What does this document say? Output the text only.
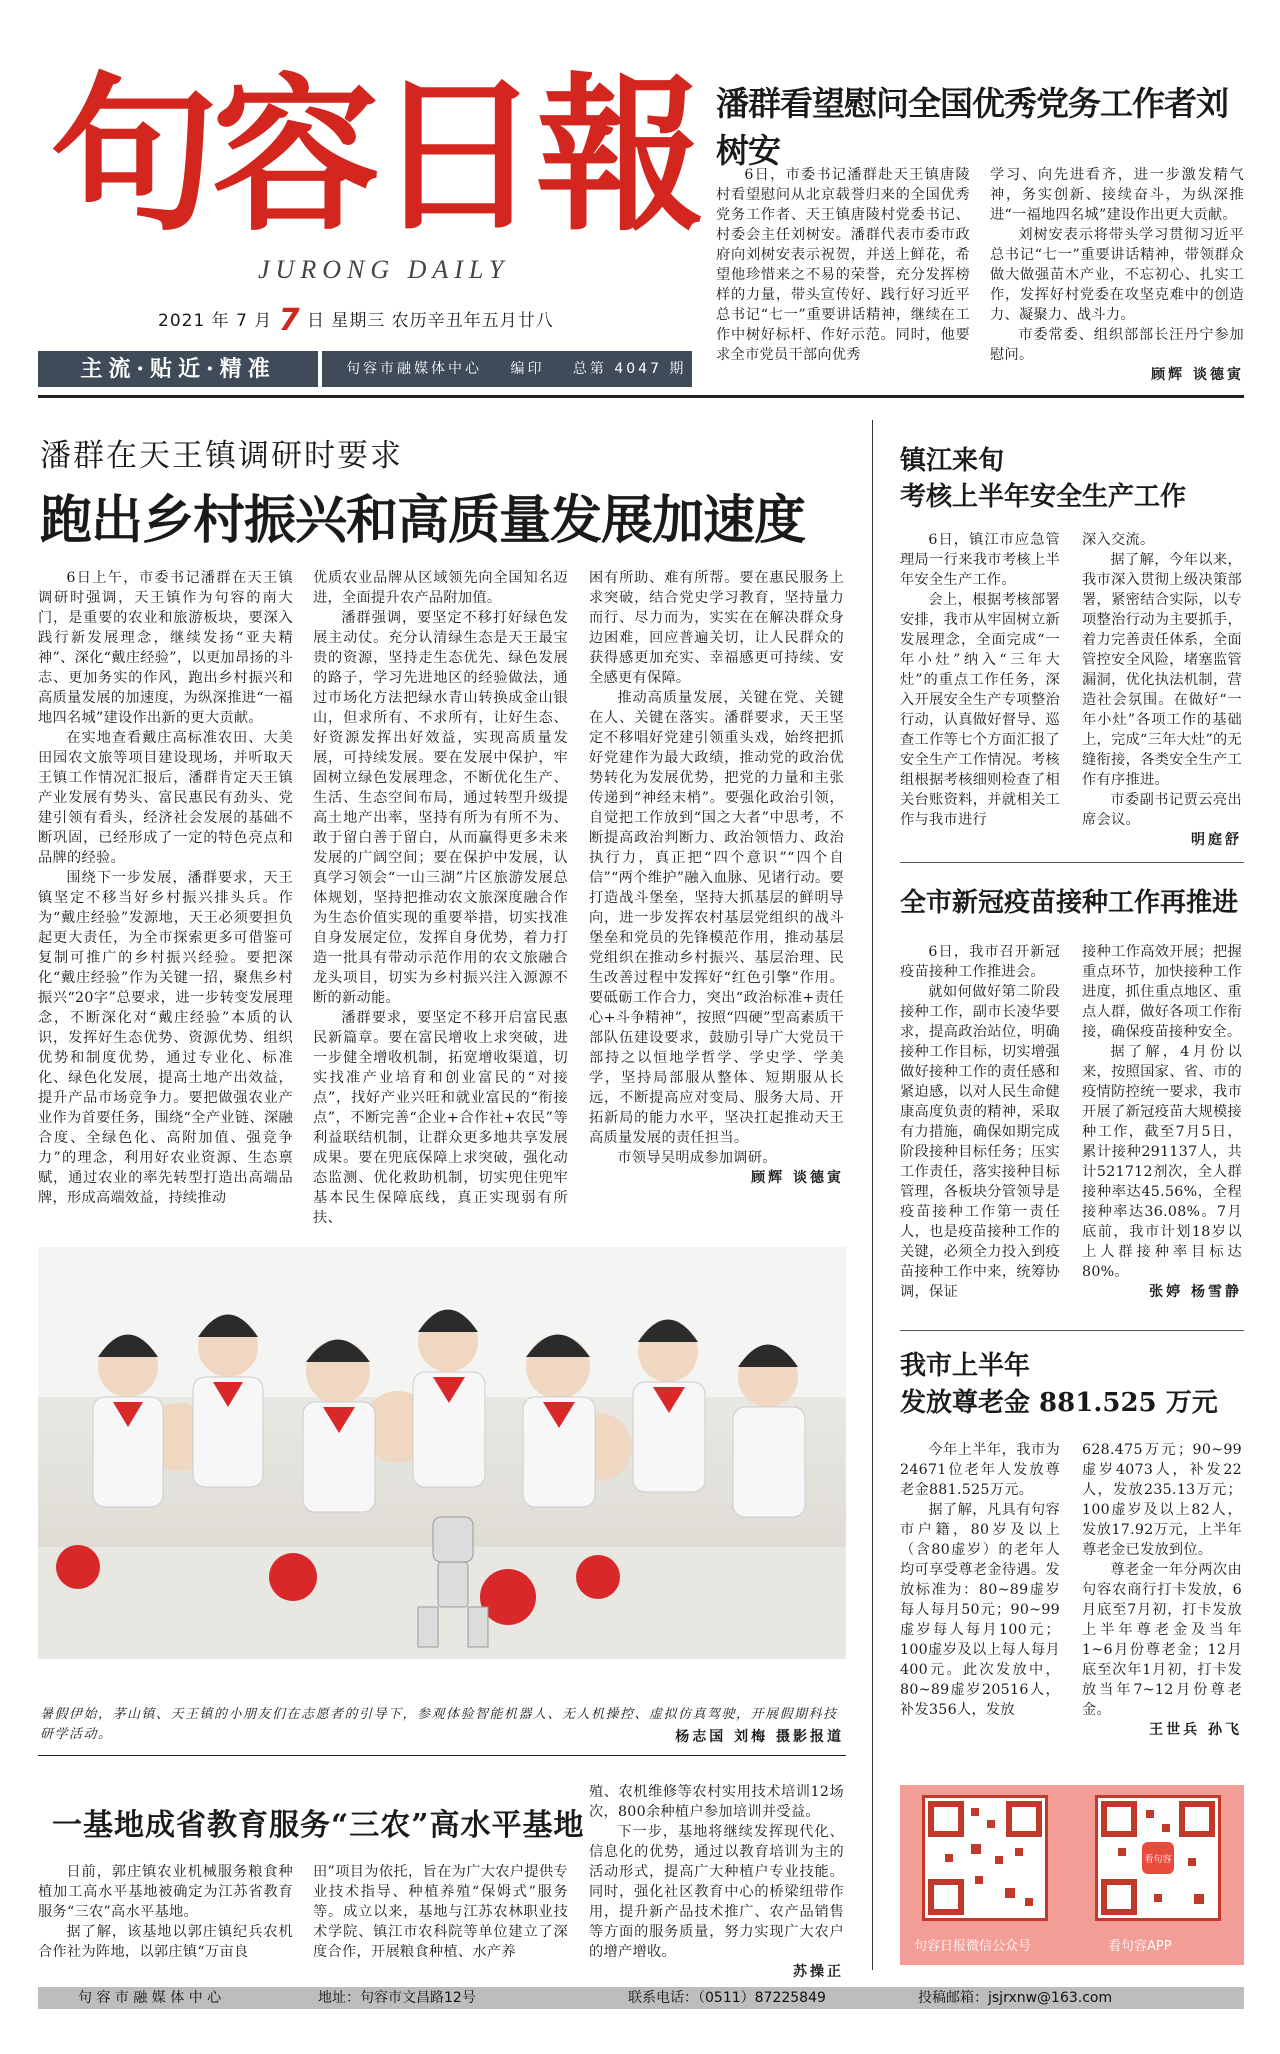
句容日報
JURONG DAILY
2021 年 7 月 7 日 星期三 农历辛丑年五月廿八
主流·贴近·精准	句容市融媒体中心 编印 总第 4047 期
潘群看望慰问全国优秀党务工作者刘树安

6日，市委书记潘群赴天王镇唐陵村看望慰问从北京载誉归来的全国优秀党务工作者、天王镇唐陵村党委书记、村委会主任刘树安。潘群代表市委市政府向刘树安表示祝贺，并送上鲜花，希望他珍惜来之不易的荣誉，充分发挥榜样的力量，带头宣传好、践行好习近平总书记“七一”重要讲话精神，继续在工作中树好标杆、作好示范。同时，他要求全市党员干部向优秀

学习、向先进看齐，进一步激发精气神，务实创新、接续奋斗，为纵深推进“一福地四名城”建设作出更大贡献。

刘树安表示将带头学习贯彻习近平总书记“七一”重要讲话精神，带领群众做大做强苗木产业，不忘初心、扎实工作，发挥好村党委在攻坚克难中的创造力、凝聚力、战斗力。

市委常委、组织部部长汪丹宁参加慰问。

顾辉 谈德寅
潘群在天王镇调研时要求
跑出乡村振兴和高质量发展加速度

6日上午，市委书记潘群在天王镇调研时强调，天王镇作为句容的南大门，是重要的农业和旅游板块，要深入践行新发展理念，继续发扬“亚夫精神”、深化“戴庄经验”，以更加昂扬的斗志、更加务实的作风，跑出乡村振兴和高质量发展的加速度，为纵深推进“一福地四名城”建设作出新的更大贡献。

在实地查看戴庄高标准农田、大美田园农文旅等项目建设现场，并听取天王镇工作情况汇报后，潘群肯定天王镇产业发展有势头、富民惠民有劲头、党建引领有看头，经济社会发展的基础不断巩固，已经形成了一定的特色亮点和品牌的经验。

围绕下一步发展，潘群要求，天王镇坚定不移当好乡村振兴排头兵。作为“戴庄经验”发源地，天王必须要担负起更大责任，为全市探索更多可借鉴可复制可推广的乡村振兴经验。要把深化“戴庄经验”作为关键一招，聚焦乡村振兴“20字”总要求，进一步转变发展理念，不断深化对“戴庄经验”本质的认识，发挥好生态优势、资源优势、组织优势和制度优势，通过专业化、标准化、绿色化发展，提高土地产出效益，提升产品市场竞争力。要把做强农业产业作为首要任务，围绕“全产业链、深融合度、全绿色化、高附加值、强竞争力”的理念，利用好农业资源、生态禀赋，通过农业的率先转型打造出高端品牌，形成高端效益，持续推动

优质农业品牌从区域领先向全国知名迈进，全面提升农产品附加值。

潘群强调，要坚定不移打好绿色发展主动仗。充分认清绿生态是天王最宝贵的资源，坚持走生态优先、绿色发展的路子，学习先进地区的经验做法，通过市场化方法把绿水青山转换成金山银山，但求所有、不求所有，让好生态、好资源发挥出好效益，实现高质量发展，可持续发展。要在发展中保护，牢固树立绿色发展理念，不断优化生产、生活、生态空间布局，通过转型升级提高土地产出率，坚持有所为有所不为、敢于留白善于留白，从而赢得更多未来发展的广阔空间；要在保护中发展，认真学习领会“一山三湖”片区旅游发展总体规划，坚持把推动农文旅深度融合作为生态价值实现的重要举措，切实找准自身发展定位，发挥自身优势，着力打造一批具有带动示范作用的农文旅融合龙头项目，切实为乡村振兴注入源源不断的新动能。

潘群要求，要坚定不移开启富民惠民新篇章。要在富民增收上求突破，进一步健全增收机制，拓宽增收渠道，切实找准产业培育和创业富民的“对接点”，找好产业兴旺和就业富民的“衔接点”，不断完善“企业+合作社+农民”等利益联结机制，让群众更多地共享发展成果。要在兜底保障上求突破，强化动态监测、优化救助机制，切实兜住兜牢基本民生保障底线，真正实现弱有所扶、

困有所助、难有所帮。要在惠民服务上求突破，结合党史学习教育，坚持量力而行、尽力而为，实实在在解决群众身边困难，回应普遍关切，让人民群众的获得感更加充实、幸福感更可持续、安全感更有保障。

推动高质量发展，关键在党、关键在人、关键在落实。潘群要求，天王坚定不移唱好党建引领重头戏，始终把抓好党建作为最大政绩，推动党的政治优势转化为发展优势，把党的力量和主张传递到“神经末梢”。要强化政治引领，自觉把工作放到“国之大者”中思考，不断提高政治判断力、政治领悟力、政治执行力，真正把“四个意识”“四个自信”“两个维护”融入血脉、见诸行动。要打造战斗堡垒，坚持大抓基层的鲜明导向，进一步发挥农村基层党组织的战斗堡垒和党员的先锋模范作用，推动基层党组织在推动乡村振兴、基层治理、民生改善过程中发挥好“红色引擎”作用。要砥砺工作合力，突出“政治标准+责任心+斗争精神”，按照“四硬”型高素质干部队伍建设要求，鼓励引导广大党员干部持之以恒地学哲学、学史学、学美学，坚持局部服从整体、短期服从长远，不断提高应对变局、服务大局、开拓新局的能力水平，坚决扛起推动天王高质量发展的责任担当。

市领导吴明成参加调研。

顾辉 谈德寅
暑假伊始，茅山镇、天王镇的小朋友们在志愿者的引导下，参观体验智能机器人、无人机操控、虚拟仿真驾驶，开展假期科技研学活动。	杨志国 刘梅 摄影报道
一基地成省教育服务“三农”高水平基地

日前，郭庄镇农业机械服务粮食种植加工高水平基地被确定为江苏省教育服务“三农”高水平基地。

据了解，该基地以郭庄镇纪兵农机合作社为阵地，以郭庄镇“万亩良

田”项目为依托，旨在为广大农户提供专业技术指导、种植养殖“保姆式”服务等。成立以来，基地与江苏农林职业技术学院、镇江市农科院等单位建立了深度合作，开展粮食种植、水产养

殖、农机维修等农村实用技术培训12场次，800余种植户参加培训并受益。

下一步，基地将继续发挥现代化、信息化的优势，通过以教育培训为主的活动形式，提高广大种植户专业技能。同时，强化社区教育中心的桥梁纽带作用，提升新产品技术推广、农产品销售等方面的服务质量，努力实现广大农户的增产增收。

苏操正
镇江来旬
考核上半年安全生产工作

6日，镇江市应急管理局一行来我市考核上半年安全生产工作。

会上，根据考核部署安排，我市从牢固树立新发展理念，全面完成“一年小灶”纳入“三年大灶”的重点工作任务，深入开展安全生产专项整治行动，认真做好督导、巡查工作等七个方面汇报了安全生产工作情况。考核组根据考核细则检查了相关台账资料，并就相关工作与我市进行

深入交流。

据了解，今年以来，我市深入贯彻上级决策部署，紧密结合实际，以专项整治行动为主要抓手，着力完善责任体系，全面管控安全风险，堵塞监管漏洞，优化执法机制，营造社会氛围。在做好“一年小灶”各项工作的基础上，完成“三年大灶”的无缝衔接，各类安全生产工作有序推进。

市委副书记贾云亮出席会议。

明庭舒
全市新冠疫苗接种工作再推进

6日，我市召开新冠疫苗接种工作推进会。

就如何做好第二阶段接种工作，副市长凌华要求，提高政治站位，明确接种工作目标，切实增强做好接种工作的责任感和紧迫感，以对人民生命健康高度负责的精神，采取有力措施，确保如期完成阶段接种目标任务；压实工作责任，落实接种目标管理，各板块分管领导是疫苗接种工作第一责任人，也是疫苗接种工作的关键，必须全力投入到疫苗接种工作中来，统筹协调，保证

接种工作高效开展；把握重点环节，加快接种工作进度，抓住重点地区、重点人群，做好各项工作衔接，确保疫苗接种安全。

据了解，4月份以来，按照国家、省、市的疫情防控统一要求，我市开展了新冠疫苗大规模接种工作，截至7月5日，累计接种291137人，共计521712剂次，全人群接种率达45.56%，全程接种率达36.08%。7月底前，我市计划18岁以上人群接种率目标达80%。

张婷 杨雪静
我市上半年
发放尊老金 881.525 万元

今年上半年，我市为24671位老年人发放尊老金881.525万元。

据了解，凡具有句容市户籍，80岁及以上（含80虚岁）的老年人均可享受尊老金待遇。发放标准为：80~89虚岁每人每月50元；90~99虚岁每人每月100元；100虚岁及以上每人每月400元。此次发放中，80~89虚岁20516人，补发356人，发放

628.475万元；90~99虚岁4073人，补发22人，发放235.13万元；100虚岁及以上82人，发放17.92万元，上半年尊老金已发放到位。

尊老金一年分两次由句容农商行打卡发放，6月底至7月初，打卡发放上半年尊老金及当年1~6月份尊老金；12月底至次年1月初，打卡发放当年7~12月份尊老金。

王世兵 孙飞
看句容
句容日报微信公众号	看句容APP
句 容 市 融 媒 体 中 心	地址：句容市文昌路12号	联系电话：（0511）87225849	投稿邮箱：jsjrxnw@163.com
